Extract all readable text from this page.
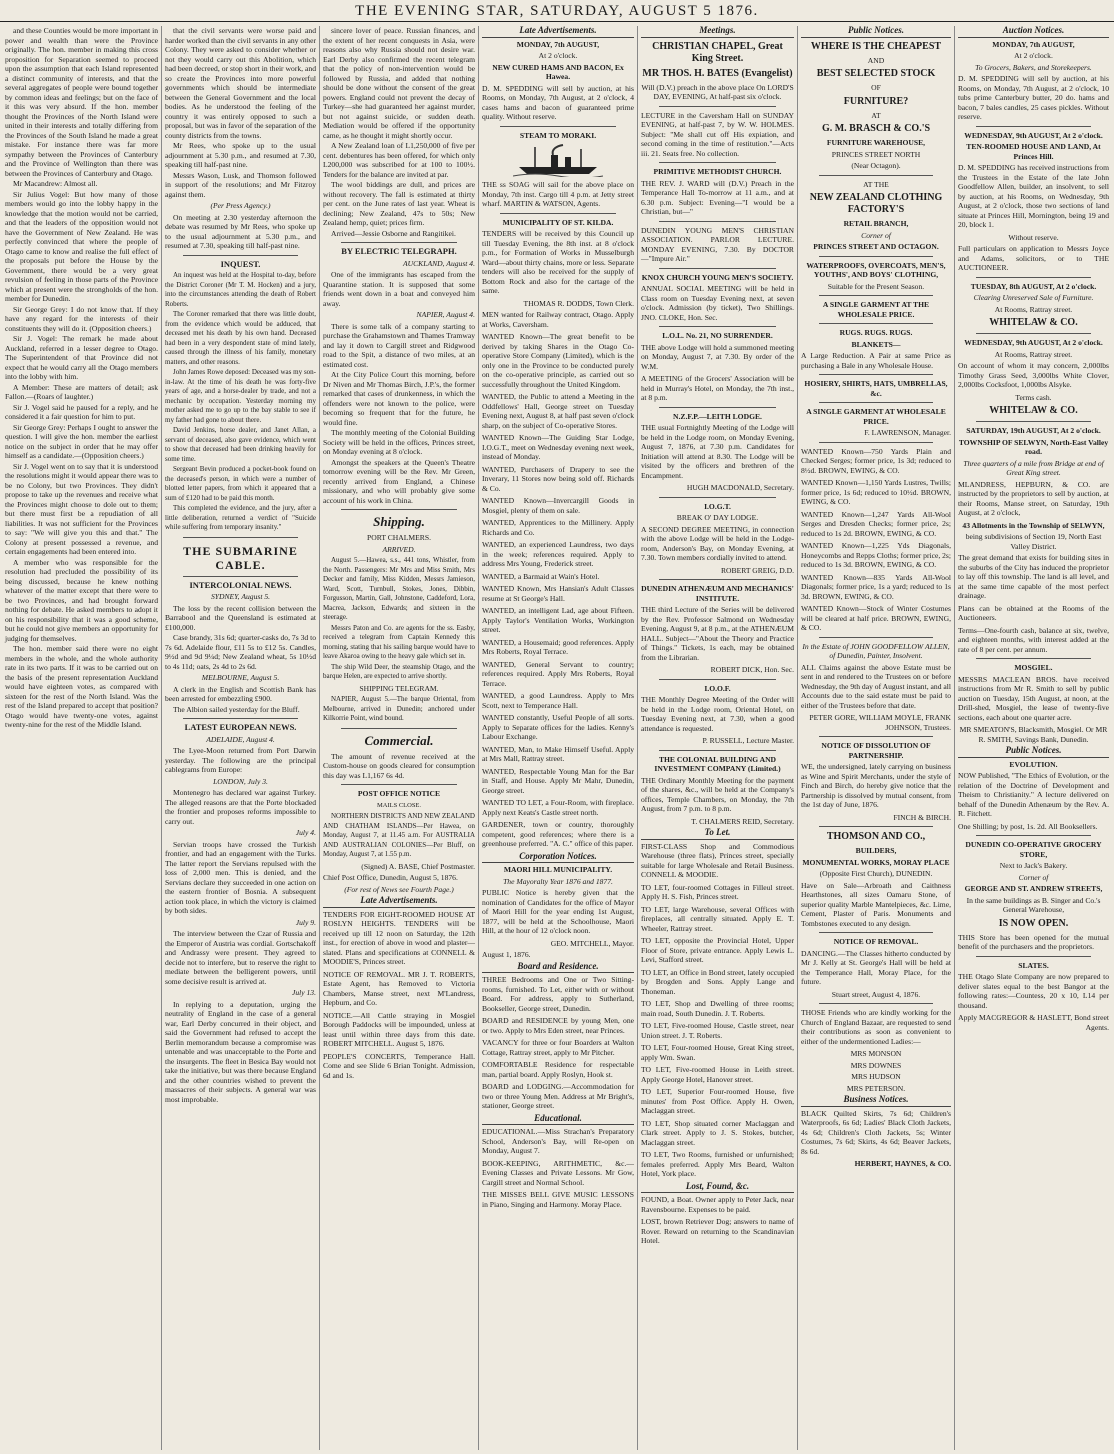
THE EVENING STAR, SATURDAY, AUGUST 5 1876.

and these Counties would be more important in power and wealth than were the Province originally. The hon. member in making this cross proposition for Separation seemed to proceed upon the assumption that each Island represented a distinct community of interests, and that the several aggregates of people were bound together by common ideas and feelings; but on the face of it this was very absurd. If the hon. member thought the Provinces of the North Island were united in their interests and totally differing from the Provinces of the South Island he made a great mistake. For instance there was far more sympathy between the Provinces of Canterbury and the Province of Wellington than there was between the Provinces of Canterbury and Otago.

Mr Macandrew: Almost all.

Sir Julius Vogel: But how many of those members would go into the lobby happy in the knowledge that the motion would not be carried, and that the leaders of the opposition would not have the Government of New Zealand. He was perfectly convinced that where the people of Otago came to know and realise the full effect of the proposals put before the House by the Government, there would be a very great revulsion of feeling in those parts of the Province which at present were the strongholds of the hon. member for Dunedin.

Sir George Grey: I do not know that. If they have any regard for the interests of their constituents they will do it. (Opposition cheers.)

Sir J. Vogel: The remark he made about Auckland, referred in a lesser degree to Otago. The Superintendent of that Province did not expect that he would carry all the Otago members into the lobby with him.

A Member: These are matters of detail; ask Fallon.—(Roars of laughter.)

Sir J. Vogel said he paused for a reply, and he considered it a fair question for him to put.

Sir George Grey: Perhaps I ought to answer the question. I will give the hon. member the earliest notice on the subject in order that he may offer himself as a candidate.—(Opposition cheers.)

Sir J. Vogel went on to say that it is understood the resolutions might it would appear there was to be no Colony, but two Provinces. They didn't propose to take up the revenues and receive what the Provinces might choose to dole out to them; but there must first be a repudiation of all liabilities. It was not sufficient for the Provinces to say: "We will give you this and that." The Colony at present possessed a revenue, and certain engagements had been entered into.

A member who was responsible for the resolution had precluded the possibility of its being discussed, because he knew nothing whatever of the matter except that there were to be two Provinces, and had brought forward nothing for debate. He asked members to adopt it on his responsibility that it was a good scheme, but he could not give members an opportunity for judging for themselves.

The hon. member said there were no eight members in the whole, and the whole authority rate in its two parts. If it was to be carried out on the basis of the present representation Auckland would have eighteen votes, as compared with sixteen for the rest of the North Island. Was the rest of the Island prepared to accept that position? Otago would have twenty-one votes, against twenty-nine for the rest of the Middle Island.

that the civil servants were worse paid and harder worked than the civil servants in any other Colony. They were asked to consider whether or not they would carry out this Abolition, which had been decreed, or stop short in their work, and so create the Provinces into more powerful governments which should be intermediate between the General Government and the local bodies. As he understood the feeling of the country it was entirely opposed to such a proposal, but was in favor of the separation of the county districts from the towns.

Mr Rees, who spoke up to the usual adjournment at 5.30 p.m., and resumed at 7.30, speaking till half-past nine.

Messrs Wason, Lusk, and Thomson followed in support of the resolutions; and Mr Fitzroy against them.

(Per Press Agency.)

On meeting at 2.30 yesterday afternoon the debate was resumed by Mr Rees, who spoke up to the usual adjournment at 5.30 p.m., and resumed at 7.30, speaking till half-past nine.

INQUEST.

An inquest was held at the Hospital to-day, before the District Coroner (Mr T. M. Hocken) and a jury, into the circumstances attending the death of Robert Roberts.

The Coroner remarked that there was little doubt, from the evidence which would be adduced, that deceased met his death by his own hand. Deceased had been in a very despondent state of mind lately, caused through the illness of his family, monetary matters, and other reasons.

John James Rowe deposed: Deceased was my son-in-law. At the time of his death he was forty-five years of age, and a horse-dealer by trade, and not a mechanic by occupation. Yesterday morning my mother asked me to go up to the bay stable to see if my father had gone to about there.

David Jenkins, horse dealer, and Janet Allan, a servant of deceased, also gave evidence, which went to show that deceased had been drinking heavily for some time.

Sergeant Bevin produced a pocket-book found on the deceased's person, in which were a number of blotted letter papers, from which it appeared that a sum of £120 had to be paid this month.

This completed the evidence, and the jury, after a little deliberation, returned a verdict of "Suicide while suffering from temporary insanity."

THE SUBMARINE CABLE.

INTERCOLONIAL NEWS.

SYDNEY, August 5.

The loss by the recent collision between the Barrabool and the Queensland is estimated at £100,000.

Case brandy, 31s 6d; quarter-casks do, 7s 3d to 7s 6d. Adelaide flour, £11 5s to £12 5s. Candles, 9½d and 9d 9¼d; New Zealand wheat, 5s 10½d to 4s 11d; oats, 2s 4d to 2s 6d.

MELBOURNE, August 5.

A clerk in the English and Scottish Bank has been arrested for embezzling £900.

The Albion sailed yesterday for the Bluff.

LATEST EUROPEAN NEWS.

ADELAIDE, August 4.

The Lyee-Moon returned from Port Darwin yesterday. The following are the principal cablegrams from Europe:

LONDON, July 3.

Montenegro has declared war against Turkey. The alleged reasons are that the Porte blockaded the frontier and proposes reforms impossible to carry out.

July 4.

Servian troops have crossed the Turkish frontier, and had an engagement with the Turks. The latter report the Servians repulsed with the loss of 2,000 men. This is denied, and the Servians declare they succeeded in one action on the eastern frontier of Bosnia. A subsequent action took place, in which the victory is claimed by both sides.

July 9.

The interview between the Czar of Russia and the Emperor of Austria was cordial. Gortschakoff and Andrassy were present. They agreed to decide not to interfere, but to reserve the right to mediate between the belligerent powers, until some decisive result is arrived at.

July 13.

In replying to a deputation, urging the neutrality of England in the case of a general war, Earl Derby concurred in their object, and said the Government had refused to accept the Berlin memorandum because a compromise was untenable and was unacceptable to the Porte and the insurgents. The fleet in Besica Bay would not take the initiative, but was there because England and the other countries wished to prevent the massacres of their subjects. A general war was most improbable.

sincere lover of peace. Russian finances, and the extent of her recent conquests in Asia, were reasons also why Russia should not desire war. Earl Derby also confirmed the recent telegram that the policy of non-intervention would be followed by Russia, and added that nothing should be done without the consent of the great powers. England could not prevent the decay of Turkey—she had guaranteed her against murder, but not against suicide, or sudden death. Mediation would be offered if the opportunity came, as he thought it might shortly occur.

A New Zealand loan of L1,250,000 of five per cent. debentures has been offered, for which only L200,000 was subscribed for at 100 to 100½. Tenders for the balance are invited at par.

The wool biddings are dull, and prices are without recovery. The fall is estimated at thirty per cent. on the June rates of last year. Wheat is declining; New Zealand, 47s to 50s; New Zealand hemp, quiet; prices firm.

Arrived—Jessie Osborne and Rangitikei.

BY ELECTRIC TELEGRAPH.

AUCKLAND, August 4.

One of the immigrants has escaped from the Quarantine station. It is supposed that some friends went down in a boat and conveyed him away.

NAPIER, August 4.

There is some talk of a company starting to purchase the Grahamstown and Thames Tramway and lay it down to Cargill street and Ridgwood road to the Spit, a distance of two miles, at an estimated cost.

At the City Police Court this morning, before Dr Niven and Mr Thomas Birch, J.P.'s, the former remarked that cases of drunkenness, in which the offenders were not known to the police, were becoming so frequent that for the future, he would fine.

The monthly meeting of the Colonial Building Society will be held in the offices, Princes street, on Monday evening at 8 o'clock.

Amongst the speakers at the Queen's Theatre tomorrow evening will be the Rev. Mr Green, recently arrived from England, a Chinese missionary, and who will probably give some account of his work in China.

Shipping.

PORT CHALMERS.

ARRIVED.

August 5.—Hawea, s.s., 441 tons, Whistler, from the North. Passengers: Mr Mrs and Miss Smith, Mrs Decker and family, Miss Kidden, Messrs Jamieson, Ward, Scott, Turnbull, Stokes, Jones, Dibbin, Forgusson, Martin, Gall, Johnstone, Caddeford, Lora, Macrea, Jackson, Edwards; and sixteen in the steerage.

Messrs Paton and Co. are agents for the ss. Easby, received a telegram from Captain Kennedy this morning, stating that his sailing barque would have to leave Akaroa owing to the heavy gale which set in.

The ship Wild Deer, the steamship Otago, and the barque Helen, are expected to arrive shortly.

SHIPPING TELEGRAM.

NAPIER, August 5.—The barque Oriental, from Melbourne, arrived in Dunedin; anchored under Kilkorrie Point, wind bound.

Commercial.

The amount of revenue received at the Custom-house on goods cleared for consumption this day was L1,167 6s 4d.

POST OFFICE NOTICE

MAILS CLOSE.

NORTHERN DISTRICTS AND NEW ZEALAND AND CHATHAM ISLANDS—Per Hawea, on Monday, August 7, at 11.45 a.m. For AUSTRALIA AND AUSTRALIAN COLONIES—Per Bluff, on Monday, August 7, at 1.55 p.m.

(Signed) A. BASE, Chief Postmaster.

Chief Post Office, Dunedin, August 5, 1876.

(For rest of News see Fourth Page.)

Late Advertisements.

TENDERS FOR EIGHT-ROOMED HOUSE AT ROSLYN HEIGHTS. TENDERS will be received up till 12 noon on Saturday, the 12th inst., for erection of above in wood and plaster—slated. Plans and specifications at CONNELL & MOODIE'S, Princes street.

NOTICE OF REMOVAL. MR J. T. ROBERTS, Estate Agent, has Removed to Victoria Chambers, Manse street, next M'Landress, Hepburn, and Co.

NOTICE.—All Cattle straying in Mosgiel Borough Paddocks will be impounded, unless at least until within three days from this date. ROBERT MITCHELL. August 5, 1876.

PEOPLE'S CONCERTS, Temperance Hall. Come and see Slide 6 Brian Tonight. Admission, 6d and 1s.

Late Advertisements.

MONDAY, 7th AUGUST,

At 2 o'clock.

NEW CURED HAMS AND BACON, Ex Hawea.

D. M. SPEDDING will sell by auction, at his Rooms, on Monday, 7th August, at 2 o'clock, 4 cases hams and bacon of guaranteed prime quality. Without reserve.

STEAM TO MORAKI.

THE ss SOAG will sail for the above place on Monday, 7th inst. Cargo till 4 p.m. at Jetty street wharf. MARTIN & WATSON, Agents.

MUNICIPALITY OF ST. KILDA.

TENDERS will be received by this Council up till Tuesday Evening, the 8th inst. at 8 o'clock p.m., for Formation of Works in Musselburgh Ward—about thirty chains, more or less. Separate tenders will also be received for the supply of Bottom Rock and also for the cartage of the same.

THOMAS R. DODDS, Town Clerk.

MEN wanted for Railway contract, Otago. Apply at Works, Caversham.

WANTED Known—The great benefit to be derived by taking Shares in the Otago Co-operative Store Company (Limited), which is the only one in the Province to be conducted purely on the co-operative principle, as carried out so successfully throughout the United Kingdom.

WANTED, the Public to attend a Meeting in the Oddfellows' Hall, George street on Tuesday Evening next, August 8, at half past seven o'clock sharp, on the subject of Co-operative Stores.

WANTED Known—The Guiding Star Lodge, I.O.G.T., meet on Wednesday evening next week, instead of Monday.

WANTED, Purchasers of Drapery to see the Inverary, 11 Stores now being sold off. Richards & Co.

WANTED Known—Invercargill Goods in Mosgiel, plenty of them on sale.

WANTED, Apprentices to the Millinery. Apply Richards and Co.

WANTED, an experienced Laundress, two days in the week; references required. Apply to address Mrs Young, Frederick street.

WANTED, a Barmaid at Wain's Hotel.

WANTED Known, Mrs Hansian's Adult Classes resume at St George's Hall.

WANTED, an intelligent Lad, age about Fifteen. Apply Taylor's Ventilation Works, Workington street.

WANTED, a Housemaid; good references. Apply Mrs Roberts, Royal Terrace.

WANTED, General Servant to country; references required. Apply Mrs Roberts, Royal Terrace.

WANTED, a good Laundress. Apply to Mrs Scott, next to Temperance Hall.

WANTED constantly, Useful People of all sorts. Apply to Separate offices for the ladies. Kenny's Labour Exchange.

WANTED, Man, to Make Himself Useful. Apply at Mrs Mall, Rattray street.

WANTED, Respectable Young Man for the Bar in Staff, and House. Apply Mr Mahr, Dunedin, George street.

WANTED TO LET, a Four-Room, with fireplace. Apply next Keats's Castle street north.

GARDENER, town or country, thoroughly competent, good references; where there is a greenhouse preferred. "A. C." office of this paper.

Corporation Notices.

MAORI HILL MUNICIPALITY.

The Mayoralty Year 1876 and 1877.

PUBLIC Notice is hereby given that the nomination of Candidates for the office of Mayor of Maori Hill for the year ending 1st August, 1877, will be held at the Schoolhouse, Maori Hill, at the hour of 12 o'clock noon.

GEO. MITCHELL, Mayor.

August 1, 1876.

Board and Residence.

THREE Bedrooms and One or Two Sitting-rooms, furnished. To Let, either with or without Board. For address, apply to Sutherland, Bookseller, George street, Dunedin.

BOARD and RESIDENCE by young Men, one or two. Apply to Mrs Eden street, near Princes.

VACANCY for three or four Boarders at Walton Cottage, Rattray street, apply to Mr Pitcher.

COMFORTABLE Residence for respectable man, partial board. Apply Roslyn, Hook st.

BOARD and LODGING.—Accommodation for two or three Young Men. Address at Mr Bright's, stationer, George street.

Educational.

EDUCATIONAL.—Miss Strachan's Preparatory School, Anderson's Bay, will Re-open on Monday, August 7.

BOOK-KEEPING, ARITHMETIC, &c.—Evening Classes and Private Lessons. Mr Gow, Cargill street and Normal School.

THE MISSES BELL GIVE MUSIC LESSONS in Piano, Singing and Harmony. Moray Place.

Meetings.

CHRISTIAN CHAPEL, Great King Street.

MR THOS. H. BATES (Evangelist)

Will (D.V.) preach in the above place On LORD'S DAY, EVENING, At half-past six o'clock.

LECTURE in the Caversham Hall on SUNDAY EVENING, at half-past 7, by W. W. HOLMES. Subject: "Me shall cut off His expiation, and second coming in the time of restitution."—Acts iii. 21. Seats free. No collection.

PRIMITIVE METHODIST CHURCH.

THE REV. J. WARD will (D.V.) Preach in the Temperance Hall To-morrow at 11 a.m., and at 6.30 p.m. Subject: Evening—"I would be a Christian, but—"

DUNEDIN YOUNG MEN'S CHRISTIAN ASSOCIATION. PARLOR LECTURE. MONDAY EVENING, 7.30. By DOCTOR—"Impure Air."

KNOX CHURCH YOUNG MEN'S SOCIETY.

ANNUAL SOCIAL MEETING will be held in Class room on Tuesday Evening next, at seven o'clock. Admission (by ticket), Two Shillings. JNO. CLOKE, Hon. Sec.

L.O.L. No. 21, NO SURRENDER.

THE above Lodge will hold a summoned meeting on Monday, August 7, at 7.30. By order of the W.M.

A MEETING of the Grocers' Association will be held in Murray's Hotel, on Monday, the 7th inst., at 8 p.m.

N.Z.F.P.—LEITH LODGE.

THE usual Fortnightly Meeting of the Lodge will be held in the Lodge room, on Monday Evening, August 7, 1876, at 7.30 p.m. Candidates for Initiation will attend at 8.30. The Lodge will be visited by the officers and brethren of the Encampment.

HUGH MACDONALD, Secretary.

I.O.G.T.

BREAK O' DAY LODGE.

A SECOND DEGREE MEETING, in connection with the above Lodge will be held in the Lodge-room, Anderson's Bay, on Monday Evening, at 7.30. Town members cordially invited to attend.

ROBERT GREIG, D.D.

DUNEDIN ATHENÆUM AND MECHANICS' INSTITUTE.

THE third Lecture of the Series will be delivered by the Rev. Professor Salmond on Wednesday Evening, August 9, at 8 p.m., at the ATHENÆUM HALL. Subject—"About the Theory and Practice of Things." Tickets, 1s each, may be obtained from the Librarian.

ROBERT DICK, Hon. Sec.

I.O.O.F.

THE Monthly Degree Meeting of the Order will be held in the Lodge room, Oriental Hotel, on Tuesday Evening next, at 7.30, when a good attendance is requested.

P. RUSSELL, Lecture Master.

THE COLONIAL BUILDING AND INVESTMENT COMPANY (Limited.)

THE Ordinary Monthly Meeting for the payment of the shares, &c., will be held at the Company's offices, Temple Chambers, on Monday, the 7th August, from 7 p.m. to 8 p.m.

T. CHALMERS REID, Secretary.

To Let.

FIRST-CLASS Shop and Commodious Warehouse (three flats), Princes street, specially suitable for large Wholesale and Retail Business. CONNELL & MOODIE.

TO LET, four-roomed Cottages in Filleul street. Apply H. S. Fish, Princes street.

TO LET, large Warehouse, several Offices with fireplaces, all centrally situated. Apply E. T. Wheeler, Rattray street.

TO LET, opposite the Provincial Hotel, Upper Floor of Store, private entrance. Apply Lewis L. Levi, Stafford street.

TO LET, an Office in Bond street, lately occupied by Brogden and Sons. Apply Lange and Thoneman.

TO LET, Shop and Dwelling of three rooms; main road, South Dunedin. J. T. Roberts.

TO LET, Five-roomed House, Castle street, near Union street. J. T. Roberts.

TO LET, Four-roomed House, Great King street, apply Wm. Swan.

TO LET, Five-roomed House in Leith street. Apply George Hotel, Hanover street.

TO LET, Superior Four-roomed House, five minutes' from Post Office. Apply H. Owen, Maclaggan street.

TO LET, Shop situated corner Maclaggan and Clark street. Apply to J. S. Stokes, butcher, Maclaggan street.

TO LET, Two Rooms, furnished or unfurnished; females preferred. Apply Mrs Beard, Walton Hotel, York place.

Lost, Found, &c.

FOUND, a Boat. Owner apply to Peter Jack, near Ravensbourne. Expenses to be paid.

LOST, brown Retriever Dog; answers to name of Rover. Reward on returning to the Scandinavian Hotel.

Public Notices.

WHERE IS THE CHEAPEST

AND

BEST SELECTED STOCK

OF

FURNITURE?

AT

G. M. BRASCH & CO.'S

FURNITURE WAREHOUSE,

PRINCES STREET NORTH

(Near Octagon).

AT THE

NEW ZEALAND CLOTHING FACTORY'S

RETAIL BRANCH,

Corner of

PRINCES STREET AND OCTAGON.

WATERPROOFS, OVERCOATS, MEN'S, YOUTHS', AND BOYS' CLOTHING,

Suitable for the Present Season.

A SINGLE GARMENT AT THE WHOLESALE PRICE.

RUGS. RUGS. RUGS.

BLANKETS—

A Large Reduction. A Pair at same Price as purchasing a Bale in any Wholesale House.

HOSIERY, SHIRTS, HATS, UMBRELLAS, &c.

A SINGLE GARMENT AT WHOLESALE PRICE.

F. LAWRENSON, Manager.

WANTED Known—750 Yards Plain and Checked Serges; former price, 1s 3d; reduced to 8½d. BROWN, EWING, & CO.

WANTED Known—1,150 Yards Lustres, Twills; former price, 1s 6d; reduced to 10½d. BROWN, EWING, & CO.

WANTED Known—1,247 Yards All-Wool Serges and Dresden Checks; former price, 2s; reduced to 1s 2d. BROWN, EWING, & CO.

WANTED Known—1,225 Yds Diagonals, Honeycombs and Repps Cloths; former price, 2s; reduced to 1s 3d. BROWN, EWING, & CO.

WANTED Known—835 Yards All-Wool Diagonals; former price, 1s a yard; reduced to 1s 3d. BROWN, EWING, & CO.

WANTED Known—Stock of Winter Costumes will be cleared at half price. BROWN, EWING, & CO.

In the Estate of JOHN GOODFELLOW ALLEN, of Dunedin, Painter, Insolvent.

ALL Claims against the above Estate must be sent in and rendered to the Trustees on or before Wednesday, the 9th day of August instant, and all Accounts due to the said estate must be paid to either of the Trustees before that date.

PETER GORE, WILLIAM MOYLE, FRANK JOHNSON, Trustees.

NOTICE OF DISSOLUTION OF PARTNERSHIP.

WE, the undersigned, lately carrying on business as Wine and Spirit Merchants, under the style of Finch and Birch, do hereby give notice that the Partnership is dissolved by mutual consent, from the 1st day of June, 1876.

FINCH & BIRCH.

THOMSON AND CO.,

BUILDERS,

MONUMENTAL WORKS, MORAY PLACE

(Opposite First Church), DUNEDIN.

Have on Sale—Arbroath and Caithness Hearthstones, all sizes Oamaru Stone, of superior quality Marble Mantelpieces, &c. Lime, Cement, Plaster of Paris. Monuments and Tombstones executed to any design.

NOTICE OF REMOVAL.

DANCING.—The Classes hitherto conducted by Mr J. Kelly at St. George's Hall will be held at the Temperance Hall, Moray Place, for the future.

Stuart street, August 4, 1876.

THOSE Friends who are kindly working for the Church of England Bazaar, are requested to send their contributions as soon as convenient to either of the undermentioned Ladies:—

MRS MONSON

MRS DOWNES

MRS HUDSON

MRS PETERSON.

Business Notices.

BLACK Quilted Skirts, 7s 6d; Children's Waterproofs, 6s 6d; Ladies' Black Cloth Jackets, 4s 6d; Children's Cloth Jackets, 5s; Winter Costumes, 7s 6d; Skirts, 4s 6d; Beaver Jackets, 8s 6d.

HERBERT, HAYNES, & CO.

Auction Notices.

MONDAY, 7th AUGUST,

At 2 o'clock.

To Grocers, Bakers, and Storekeepers.

D. M. SPEDDING will sell by auction, at his Rooms, on Monday, 7th August, at 2 o'clock, 10 tubs prime Canterbury butter, 20 do. hams and bacon, 7 bales candles, 25 cases pickles. Without reserve.

WEDNESDAY, 9th AUGUST, At 2 o'clock.

TEN-ROOMED HOUSE AND LAND, At Princes Hill.

D. M. SPEDDING has received instructions from the Trustees in the Estate of the late John Goodfellow Allen, builder, an insolvent, to sell by auction, at his Rooms, on Wednesday, 9th August, at 2 o'clock, those two sections of land situate at Princes Hill, Mornington, being 19 and 20, block 1.

Without reserve.

Full particulars on application to Messrs Joyce and Adams, solicitors, or to THE AUCTIONEER.

TUESDAY, 8th AUGUST, At 2 o'clock.

Clearing Unreserved Sale of Furniture.

At Rooms, Rattray street.

WHITELAW & CO.

WEDNESDAY, 9th AUGUST, At 2 o'clock.

At Rooms, Rattray street.

On account of whom it may concern, 2,000lbs Timothy Grass Seed, 3,000lbs White Clover, 2,000lbs Cocksfoot, 1,000lbs Alsyke.

Terms cash.

WHITELAW & CO.

SATURDAY, 19th AUGUST, At 2 o'clock.

TOWNSHIP OF SELWYN, North-East Valley road.

Three quarters of a mile from Bridge at end of Great King street.

MLANDRESS, HEPBURN, & CO. are instructed by the proprietors to sell by auction, at their Rooms, Manse street, on Saturday, 19th August, at 2 o'clock,

43 Allotments in the Township of SELWYN,

being subdivisions of Section 19, North East Valley District.

The great demand that exists for building sites in the suburbs of the City has induced the proprietor to lay off this township. The land is all level, and at the same time capable of the most perfect drainage.

Plans can be obtained at the Rooms of the Auctioneers.

Terms—One-fourth cash, balance at six, twelve, and eighteen months, with interest added at the rate of 8 per cent. per annum.

MOSGIEL.

MESSRS MACLEAN BROS. have received instructions from Mr R. Smith to sell by public auction on Tuesday, 15th August, at noon, at the Drill-shed, Mosgiel, the lease of twenty-five sections, each about one quarter acre.

MR SMEATON'S, Blacksmith, Mosgiel. Or MR R. SMITH, Savings Bank, Dunedin.

Public Notices.

EVOLUTION.

NOW Published, "The Ethics of Evolution, or the relation of the Doctrine of Development and Theism to Christianity." A lecture delivered on behalf of the Dunedin Athenæum by the Rev. A. R. Fitchett.

One Shilling; by post, 1s. 2d. All Booksellers.

DUNEDIN CO-OPERATIVE GROCERY STORE,

Next to Jack's Bakery.

Corner of

GEORGE AND ST. ANDREW STREETS,

In the same buildings as B. Singer and Co.'s General Warehouse,

IS NOW OPEN.

THIS Store has been opened for the mutual benefit of the purchasers and the proprietors.

SLATES.

THE Otago Slate Company are now prepared to deliver slates equal to the best Bangor at the following rates:—Countess, 20 x 10, L14 per thousand.

Apply MACGREGOR & HASLETT, Bond street Agents.
